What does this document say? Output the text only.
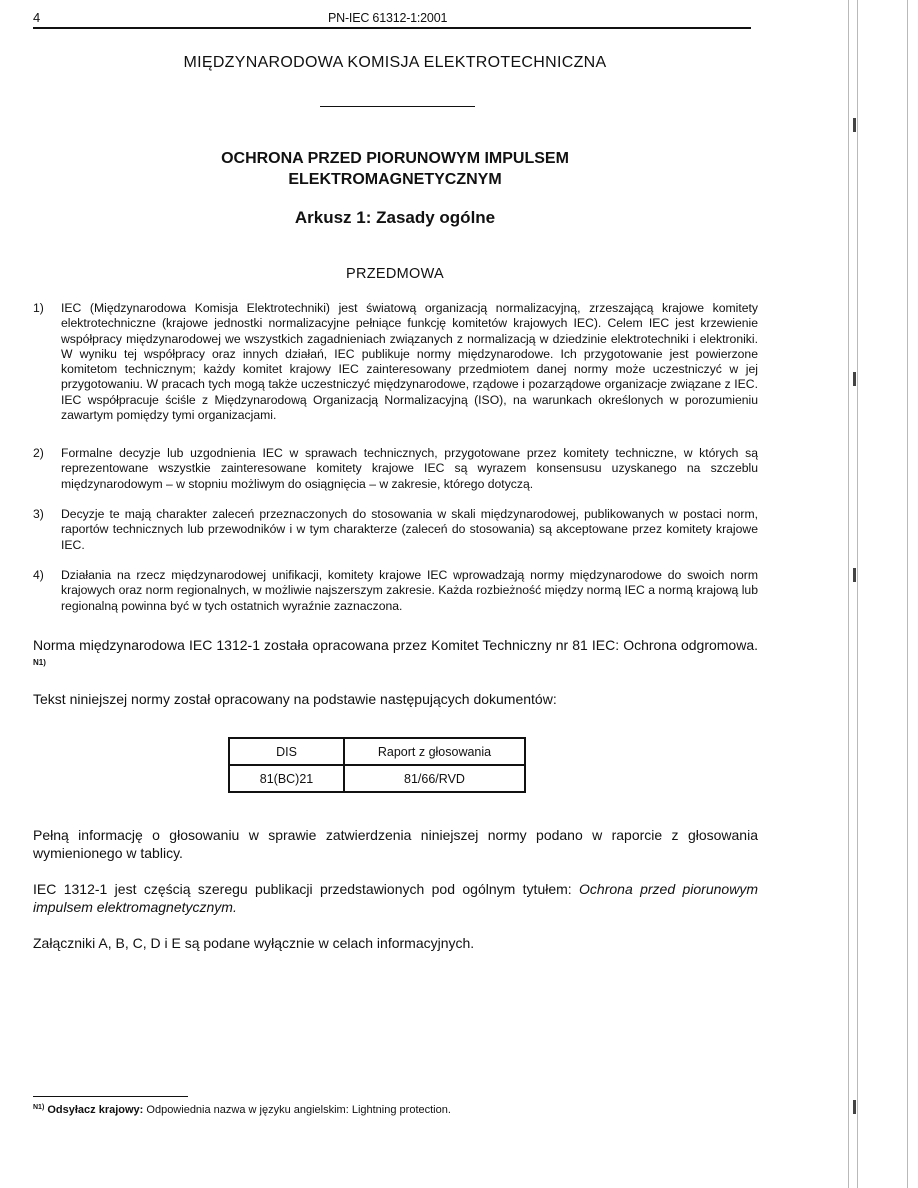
4	PN-IEC 61312-1:2001
MIĘDZYNARODOWA KOMISJA ELEKTROTECHNICZNA
OCHRONA PRZED PIORUNOWYM IMPULSEM
ELEKTROMAGNETYCZNYM
Arkusz 1: Zasady ogólne
PRZEDMOWA
1) IEC (Międzynarodowa Komisja Elektrotechniki) jest światową organizacją normalizacyjną, zrzeszającą krajowe komitety elektrotechniczne (krajowe jednostki normalizacyjne pełniące funkcję komitetów krajowych IEC). Celem IEC jest krzewienie współpracy międzynarodowej we wszystkich zagadnieniach związanych z normalizacją w dziedzinie elektrotechniki i elektroniki. W wyniku tej współpracy oraz innych działań, IEC publikuje normy międzynarodowe. Ich przygotowanie jest powierzone komitetom technicznym; każdy komitet krajowy IEC zainteresowany przedmiotem danej normy może uczestniczyć w jej przygotowaniu. W pracach tych mogą także uczestniczyć międzynarodowe, rządowe i pozarządowe organizacje związane z IEC. IEC współpracuje ściśle z Międzynarodową Organizacją Normalizacyjną (ISO), na warunkach określonych w porozumieniu zawartym pomiędzy tymi organizacjami.
2) Formalne decyzje lub uzgodnienia IEC w sprawach technicznych, przygotowane przez komitety techniczne, w których są reprezentowane wszystkie zainteresowane komitety krajowe IEC są wyrazem konsensusu uzyskanego na szczeblu międzynarodowym – w stopniu możliwym do osiągnięcia – w zakresie, którego dotyczą.
3) Decyzje te mają charakter zaleceń przeznaczonych do stosowania w skali międzynarodowej, publikowanych w postaci norm, raportów technicznych lub przewodników i w tym charakterze (zaleceń do stosowania) są akceptowane przez komitety krajowe IEC.
4) Działania na rzecz międzynarodowej unifikacji, komitety krajowe IEC wprowadzają normy międzynarodowe do swoich norm krajowych oraz norm regionalnych, w możliwie najszerszym zakresie. Każda rozbieżność między normą IEC a normą krajową lub regionalną powinna być w tych ostatnich wyraźnie zaznaczona.
Norma międzynarodowa IEC 1312-1 została opracowana przez Komitet Techniczny nr 81 IEC: Ochrona odgromowa. $^{N1)}$
Tekst niniejszej normy został opracowany na podstawie następujących dokumentów:
DIS	Raport z głosowania
81(BC)21	81/66/RVD
Pełną informację o głosowaniu w sprawie zatwierdzenia niniejszej normy podano w raporcie z głosowania wymienionego w tablicy.
IEC 1312-1 jest częścią szeregu publikacji przedstawionych pod ogólnym tytułem: Ochrona przed piorunowym impulsem elektromagnetycznym.
Załączniki A, B, C, D i E są podane wyłącznie w celach informacyjnych.
$^{N1)}$ Odsyłacz krajowy: Odpowiednia nazwa w języku angielskim: Lightning protection.
